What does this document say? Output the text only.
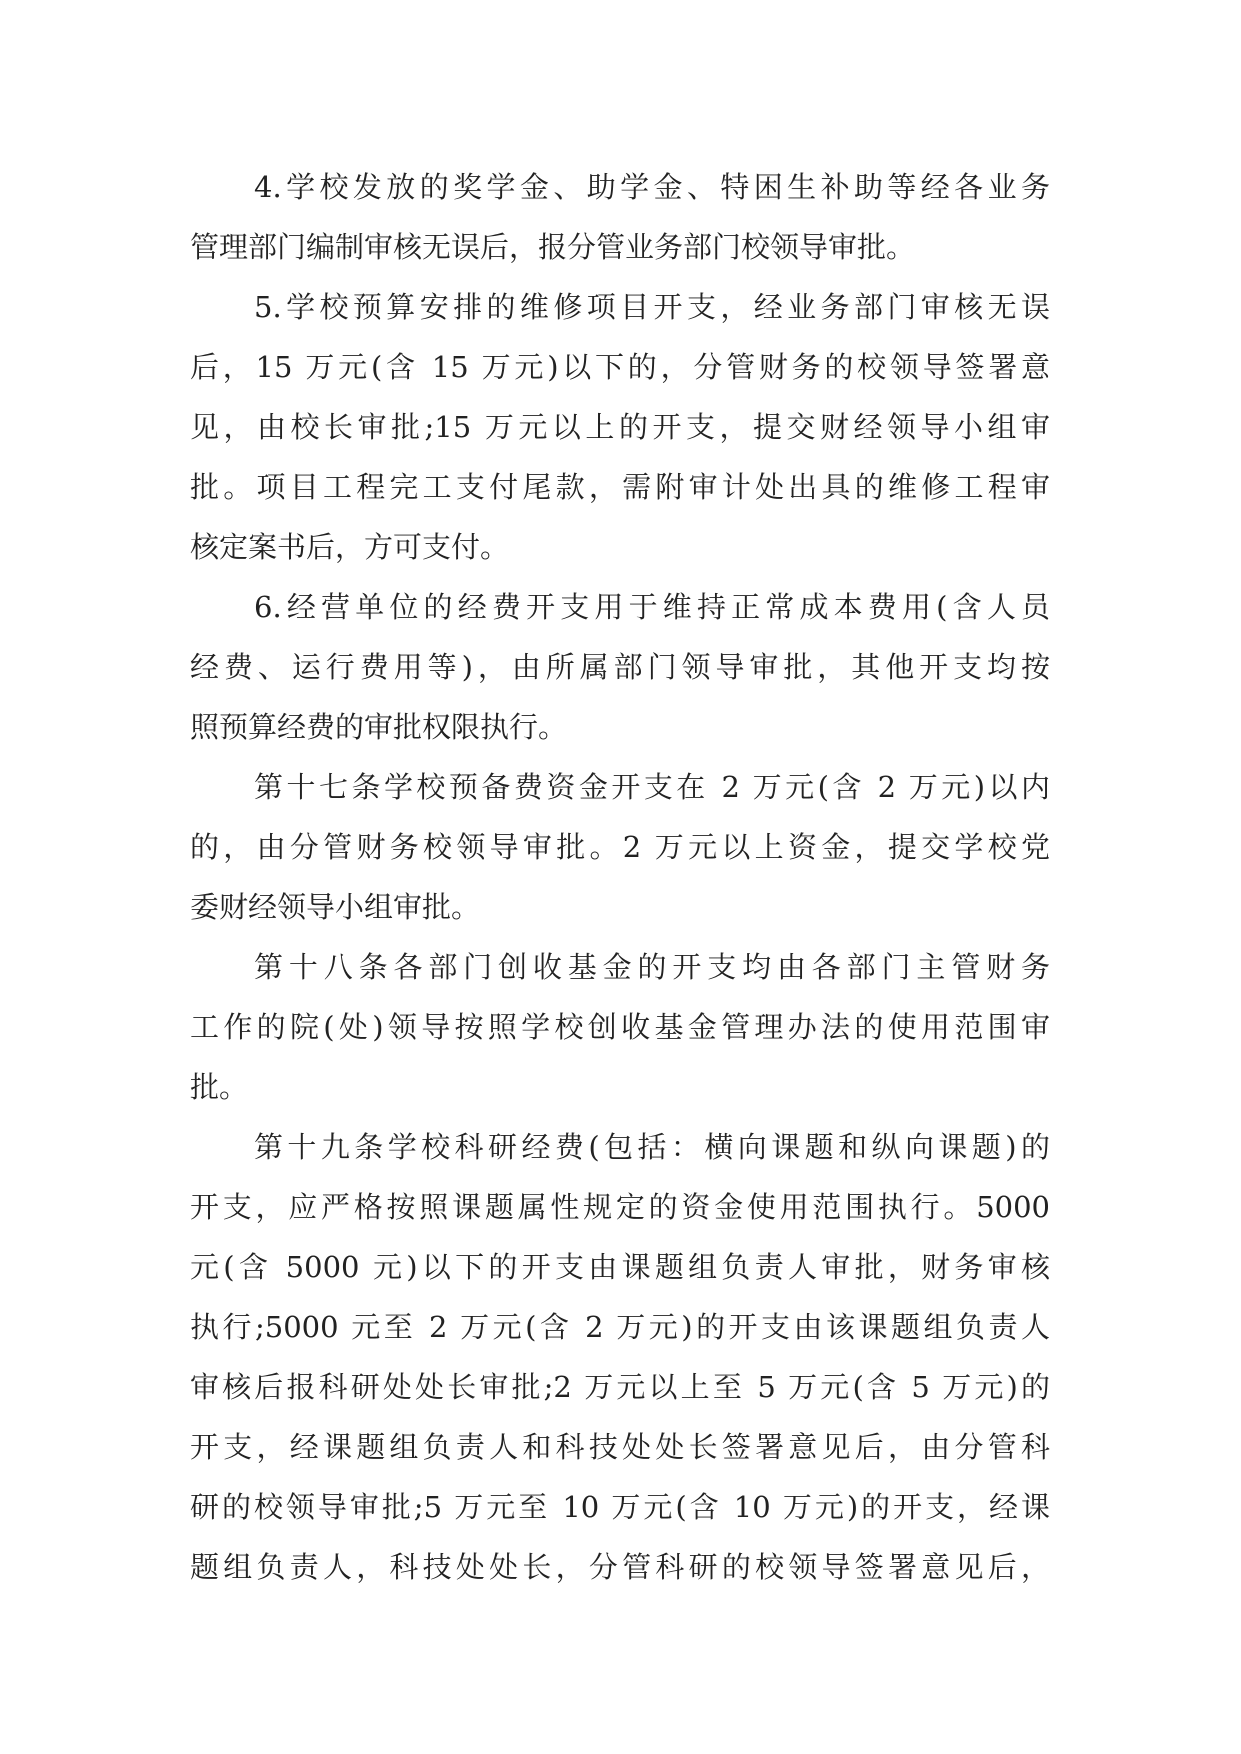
4.学校发放的奖学金、助学金、特困生补助等经各业务
管理部门编制审核无误后，报分管业务部门校领导审批。
5.学校预算安排的维修项目开支，经业务部门审核无误
后，15 万元(含 15 万元)以下的，分管财务的校领导签署意
见，由校长审批;15 万元以上的开支，提交财经领导小组审
批。项目工程完工支付尾款，需附审计处出具的维修工程审
核定案书后，方可支付。
6.经营单位的经费开支用于维持正常成本费用(含人员
经费、运行费用等)，由所属部门领导审批，其他开支均按
照预算经费的审批权限执行。
第十七条学校预备费资金开支在 2 万元(含 2 万元)以内
的，由分管财务校领导审批。2 万元以上资金，提交学校党
委财经领导小组审批。
第十八条各部门创收基金的开支均由各部门主管财务
工作的院(处)领导按照学校创收基金管理办法的使用范围审
批。
第十九条学校科研经费(包括：横向课题和纵向课题)的
开支，应严格按照课题属性规定的资金使用范围执行。5000
元(含 5000 元)以下的开支由课题组负责人审批，财务审核
执行;5000 元至 2 万元(含 2 万元)的开支由该课题组负责人
审核后报科研处处长审批;2 万元以上至 5 万元(含 5 万元)的
开支，经课题组负责人和科技处处长签署意见后，由分管科
研的校领导审批;5 万元至 10 万元(含 10 万元)的开支，经课
题组负责人，科技处处长，分管科研的校领导签署意见后，
